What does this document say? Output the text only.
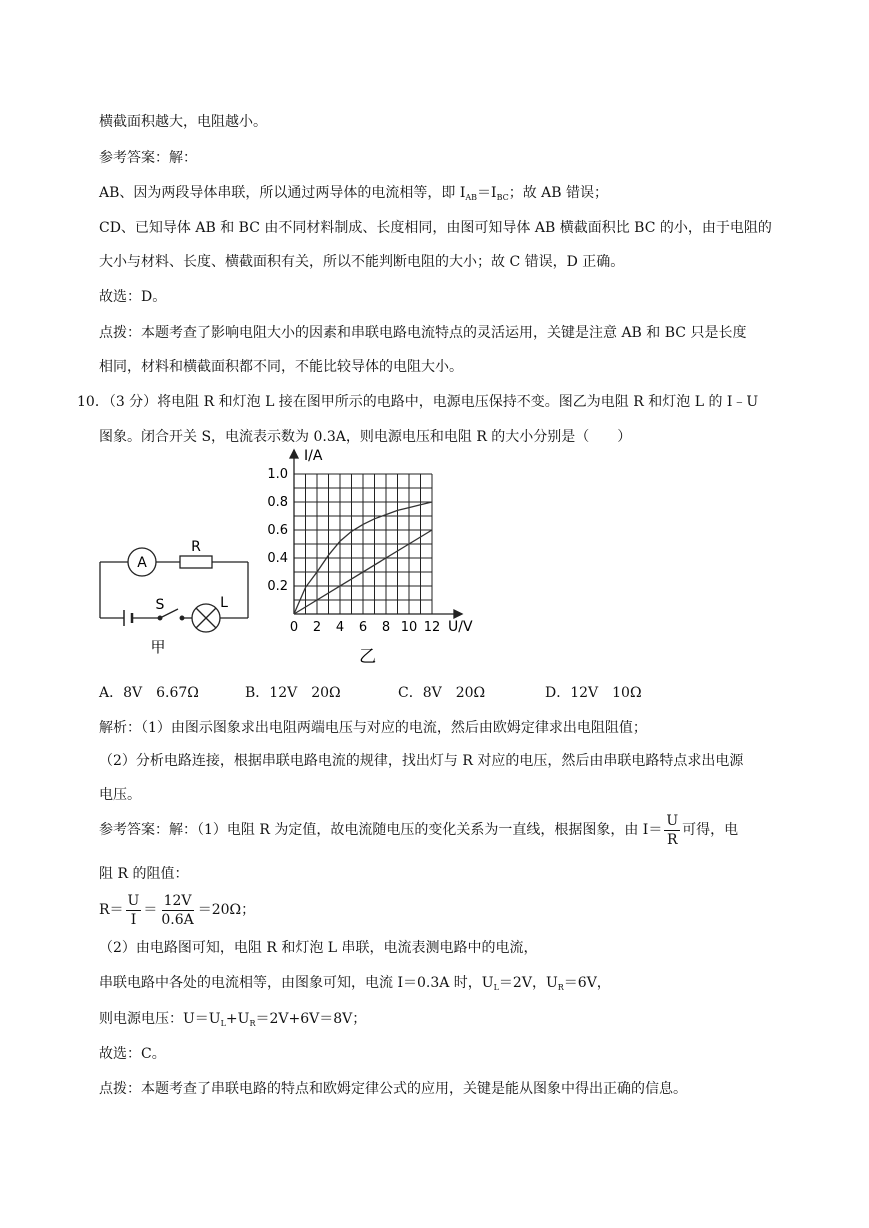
横截面积越大，电阻越小。
参考答案：解：
AB、因为两段导体串联，所以通过两导体的电流相等，即 $I_{AB}=I_{BC}$；故 AB 错误；
CD、已知导体 AB 和 BC 由不同材料制成、长度相同，由图可知导体 AB 横截面积比 BC 的小，由于电阻的
大小与材料、长度、横截面积有关，所以不能判断电阻的大小；故 C 错误，D 正确。
故选：D。
点拨：本题考查了影响电阻大小的因素和串联电路电流特点的灵活运用，关键是注意 AB 和 BC 只是长度
相同，材料和横截面积都不同，不能比较导体的电阻大小。
10．（3 分）将电阻 R 和灯泡 L 接在图甲所示的电路中，电源电压保持不变。图乙为电阻 R 和灯泡 L 的 I﹣U
图象。闭合开关 S，电流表示数为 0.3A，则电源电压和电阻 R 的大小分别是（　　）
A
R
S	L
甲
0 2 4 6 8 10 12
0.2
0.4
0.6
0.8
1.0
I/A
U/V
乙
A．8V　6.67Ω	B．12V　20Ω	C．8V　20Ω	D．12V　10Ω
解析：（1）由图示图象求出电阻两端电压与对应的电流，然后由欧姆定律求出电阻阻值；
（2）分析电路连接，根据串联电路电流的规律，找出灯与 R 对应的电压，然后由串联电路特点求出电源
电压。
参考答案：解：（1）电阻 R 为定值，故电流随电压的变化关系为一直线，根据图象，由 $I= \frac{U}{R}$ 可得，电
阻 R 的阻值：
$R= \frac{U}{I} = \frac{12V}{0.6A} =20\Omega$；
（2）由电路图可知，电阻 R 和灯泡 L 串联，电流表测电路中的电流，
串联电路中各处的电流相等，由图象可知，电流 I＝0.3A 时，$U_L=2V$，$U_R=6V$，
则电源电压：$U=U_L+U_R=2V+6V=8V$；
故选：C。
点拨：本题考查了串联电路的特点和欧姆定律公式的应用，关键是能从图象中得出正确的信息。
